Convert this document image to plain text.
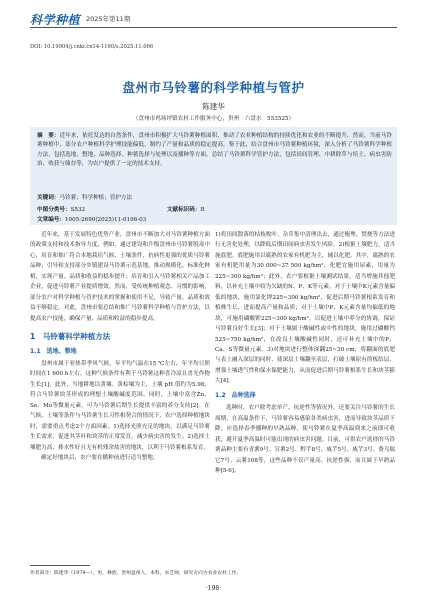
科学种植 2025年第11期
DOI: 10.19904/j.cnki.cn14-1160/s.2025.11.066
盘州市马铃薯的科学种植与管护
陈建华
（盘州市鸡场坪镇农村工作服务中心，贵州　六盘水　553525）
摘　要：近年来，依托发达的自然条件，盘州市积极扩大马铃薯种植面积，推动了农业种植结构的持续优化和农业的不断提升，然而，当前马铃薯种植中，部分农户种植科学护理技能偏低，制约了产量和品质的稳定提高。鉴于此，结合盘州市马铃薯种植环境，深入分析了马铃薯科学种植方法，包括选地、整地、品种选择、种薯选择与处理以及播种等方面，总结了马铃薯科学管护方法，包括田间管理、中耕除草与培土、病虫害防治、收获与储存等，为农户提供了一定的技术支持。
关键词：马铃薯；科学种植；管护方法
中图分类号：S532	文献标识码：B
文章编号：1005-2690(2025)11-0198-03

近年来，基于发展特色优势产业，盘州市不断加大对马铃薯种植方面的政策支持和技术指导力度，例如，通过建设和升级盘州市马铃薯脱毒中心，培育和推广符合本地栽培气候、土壤条件，抗病性更强的优质马铃薯品种；引导和支持部分乡镇建设马铃薯示范基地，推动规模化、标准化种植，实现产量、品质和收益的稳步提升；培育和引入马铃薯相关产品加工企业，促进马铃薯产业提质增效。然而，受传统种植观念、习惯的影响，部分农户对科学种植与管护技术的掌握和使用不足，导致产量、品质和效益不够稳定。对此，盘州市要总结和推广马铃薯科学种植与管护方法，以提高农户技能，确保产量、品质和收益的稳步提高。

1　马铃薯科学种植方法
1.1　选地、整地

盘州市属于亚热带季风气候，年平均气温在15 ℃左右，年平均日照时间在1 600 h左右。这种气候条件有利于马铃薯这种喜冷凉且喜光作物生长[1]。此外，当地耕地以黄壤、黄棕壤为主，土壤 pH 值约为5.98，符合马铃薯块茎形成的理想土壤酸碱度范围。同时，土壤中富含Zn、Se、Mo等微量元素，可为马铃薯后期生长提供丰富的养分支持[2]。在气候、土壤等条件与马铃薯生长习性相契合的情况下，农户选择种植地块时，需要重点考虑2个方面因素。1)选择光照充足的地块，以满足马铃薯生长需求，促进其茎叶和块茎的正常发育，减少病虫害的发生。2)选择土壤肥力高、排水性好且无有机残余盐害的地块，以利于马铃薯根系发育。

确定好地块后，农户要在播种前进行适当整地。

1)将田间散落的枯枝败叶、杂草集中清理出去，通过掩埋、焚烧等方法进行无害化处理，以降低后期田间病虫害发生风险。2)根据土壤肥力，适当施底肥。底肥施用以腐熟的农家有机肥为主，辅以化肥。其中，腐熟的农家有机肥用量为30 000~37 500 kg/hm²，化肥宜施用尿素，用量为225~300 kg/hm²；此外，农户要根据土壤测试结果，适当增施其他肥料，以补充土壤中较为欠缺的N、P、K等元素。对于土壤中K元素含量偏低的地块，施用氯化钾225~300 kg/hm²，促进后期马铃薯根系发育和植株生长，进而提高产量和品质；对于土壤中P、K元素含量均偏低的地块，可施用磷酸钾225~300 kg/hm²，以促进土壤中养分的协调，保证马铃薯良好生长[3]；对于土壤属于酸碱性或中性的地块，施用过磷酸钙525~750 kg/hm²，在改良土壤酸碱性同时，还可补充土壤中的P、Ca、S等微量元素。3)对地块进行整体深翻25~30 cm，将翻面的底肥与表土融入深层的同时，使深层土壤翻至表层，打破土壤原有的板结层，增强土壤透气性和保水保肥能力，从而促进后期马铃薯根系生长和块茎膨大[4]。

1.2　品种选择

选种时，农户除考虑单产、抗逆性等情况外，还要关注马铃薯的生长周期，在高温条件下，马铃薯容易感染各类病虫害，进而导致块茎品质下降，应选择春季播种的早熟品种，使马铃薯在夏季高温到来之前即可收获，避开夏季高温时可能出现的病虫害问题。目前，可供农户选择的马铃薯品种主要有青薯9号、宣薯2号、黔芋8号、威芋5号、威芋3号、费乌瑞它7号、云薯108等，这些品种不仅产量高、抗逆性强，而且属于早熟品种[5-6]。

作者简介：陈建华（1979—），男，彝族，贵州盘州人，本科，农艺师，研究方向为农业农村工作。
·198·
